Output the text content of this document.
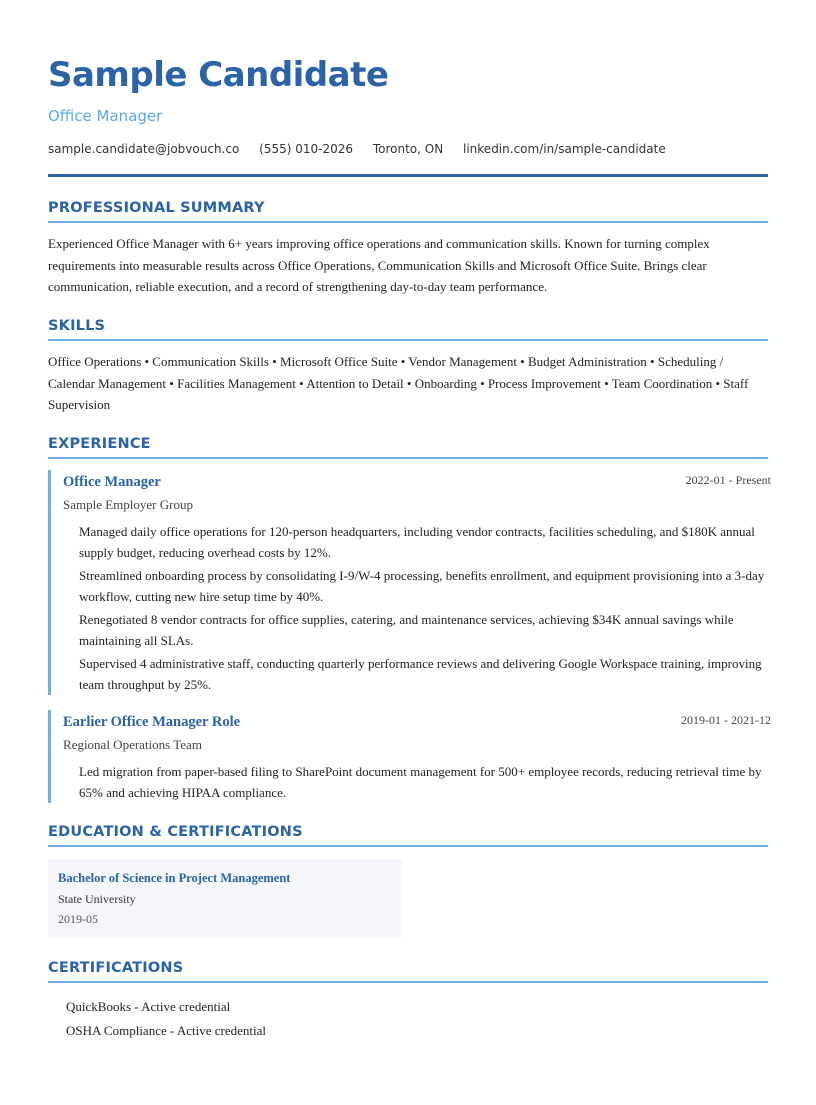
Sample Candidate
Office Manager
sample.candidate@jobvouch.co (555) 010-2026 Toronto, ON linkedin.com/in/sample-candidate
PROFESSIONAL SUMMARY
Experienced Office Manager with 6+ years improving office operations and communication skills. Known for turning complex requirements into measurable results across Office Operations, Communication Skills and Microsoft Office Suite. Brings clear communication, reliable execution, and a record of strengthening day-to-day team performance.
SKILLS
Office Operations • Communication Skills • Microsoft Office Suite • Vendor Management • Budget Administration • Scheduling / Calendar Management • Facilities Management • Attention to Detail • Onboarding • Process Improvement • Team Coordination • Staff Supervision
EXPERIENCE
Office Manager	2022-01 - Present
Sample Employer Group
Managed daily office operations for 120-person headquarters, including vendor contracts, facilities scheduling, and $180K annual supply budget, reducing overhead costs by 12%.
Streamlined onboarding process by consolidating I-9/W-4 processing, benefits enrollment, and equipment provisioning into a 3-day workflow, cutting new hire setup time by 40%.
Renegotiated 8 vendor contracts for office supplies, catering, and maintenance services, achieving $34K annual savings while maintaining all SLAs.
Supervised 4 administrative staff, conducting quarterly performance reviews and delivering Google Workspace training, improving team throughput by 25%.
Earlier Office Manager Role	2019-01 - 2021-12
Regional Operations Team
Led migration from paper-based filing to SharePoint document management for 500+ employee records, reducing retrieval time by 65% and achieving HIPAA compliance.
EDUCATION & CERTIFICATIONS
Bachelor of Science in Project Management
State University
2019-05
CERTIFICATIONS
QuickBooks - Active credential
OSHA Compliance - Active credential
